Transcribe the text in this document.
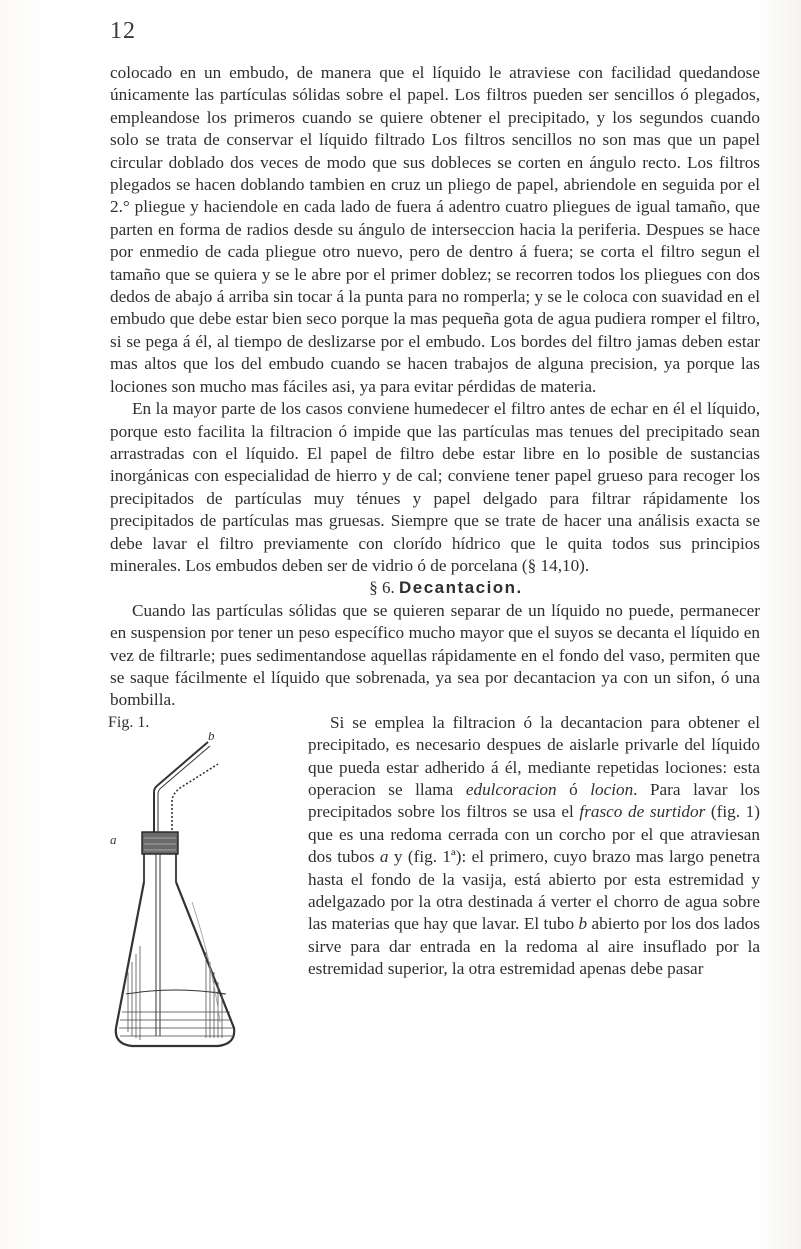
12

colocado en un embudo, de manera que el líquido le atraviese con facilidad quedandose únicamente las partículas sólidas sobre el papel. Los filtros pueden ser sencillos ó plegados, empleandose los primeros cuando se quiere obtener el precipitado, y los segundos cuando solo se trata de conservar el líquido filtrado Los filtros sencillos no son mas que un papel circular doblado dos veces de modo que sus dobleces se corten en ángulo recto. Los filtros plegados se hacen doblando tambien en cruz un pliego de papel, abriendole en seguida por el 2.° pliegue y haciendole en cada lado de fuera á adentro cuatro pliegues de igual tamaño, que parten en forma de radios desde su ángulo de interseccion hacia la periferia. Despues se hace por enmedio de cada pliegue otro nuevo, pero de dentro á fuera; se corta el filtro segun el tamaño que se quiera y se le abre por el primer doblez; se recorren todos los pliegues con dos dedos de abajo á arriba sin tocar á la punta para no romperla; y se le coloca con suavidad en el embudo que debe estar bien seco porque la mas pequeña gota de agua pudiera romper el filtro, si se pega á él, al tiempo de deslizarse por el embudo. Los bordes del filtro jamas deben estar mas altos que los del embudo cuando se hacen trabajos de alguna precision, ya porque las lociones son mucho mas fáciles asi, ya para evitar pérdidas de materia.

En la mayor parte de los casos conviene humedecer el filtro antes de echar en él el líquido, porque esto facilita la filtracion ó impide que las partículas mas tenues del precipitado sean arrastradas con el líquido. El papel de filtro debe estar libre en lo posible de sustancias inorgánicas con especialidad de hierro y de cal; conviene tener papel grueso para recoger los precipitados de partículas muy ténues y papel delgado para filtrar rápidamente los precipitados de partículas mas gruesas. Siempre que se trate de hacer una análisis exacta se debe lavar el filtro previamente con clorído hídrico que le quita todos sus principios minerales. Los embudos deben ser de vidrio ó de porcelana (§ 14,10).

§ 6. Decantacion.

Cuando las partículas sólidas que se quieren separar de un líquido no puede, permanecer en suspension por tener un peso específico mucho mayor que el suyos se decanta el líquido en vez de filtrarle; pues sedimentandose aquellas rápidamente en el fondo del vaso, permiten que se saque fácilmente el líquido que sobrenada, ya sea por decantacion ya con un sifon, ó una bombilla.

Fig. 1.
b
a

Si se emplea la filtracion ó la decantacion para obtener el precipitado, es necesario despues de aislarle privarle del líquido que pueda estar adherido á él, mediante repetidas lociones: esta operacion se llama edulcoracion ó locion. Para lavar los precipitados sobre los filtros se usa el frasco de surtidor (fig. 1) que es una redoma cerrada con un corcho por el que atraviesan dos tubos a y (fig. 1ª): el primero, cuyo brazo mas largo penetra hasta el fondo de la vasija, está abierto por esta estremidad y adelgazado por la otra destinada á verter el chorro de agua sobre las materias que hay que lavar. El tubo b abierto por los dos lados sirve para dar entrada en la redoma al aire insuflado por la estremidad superior, la otra estremidad apenas debe pasar
